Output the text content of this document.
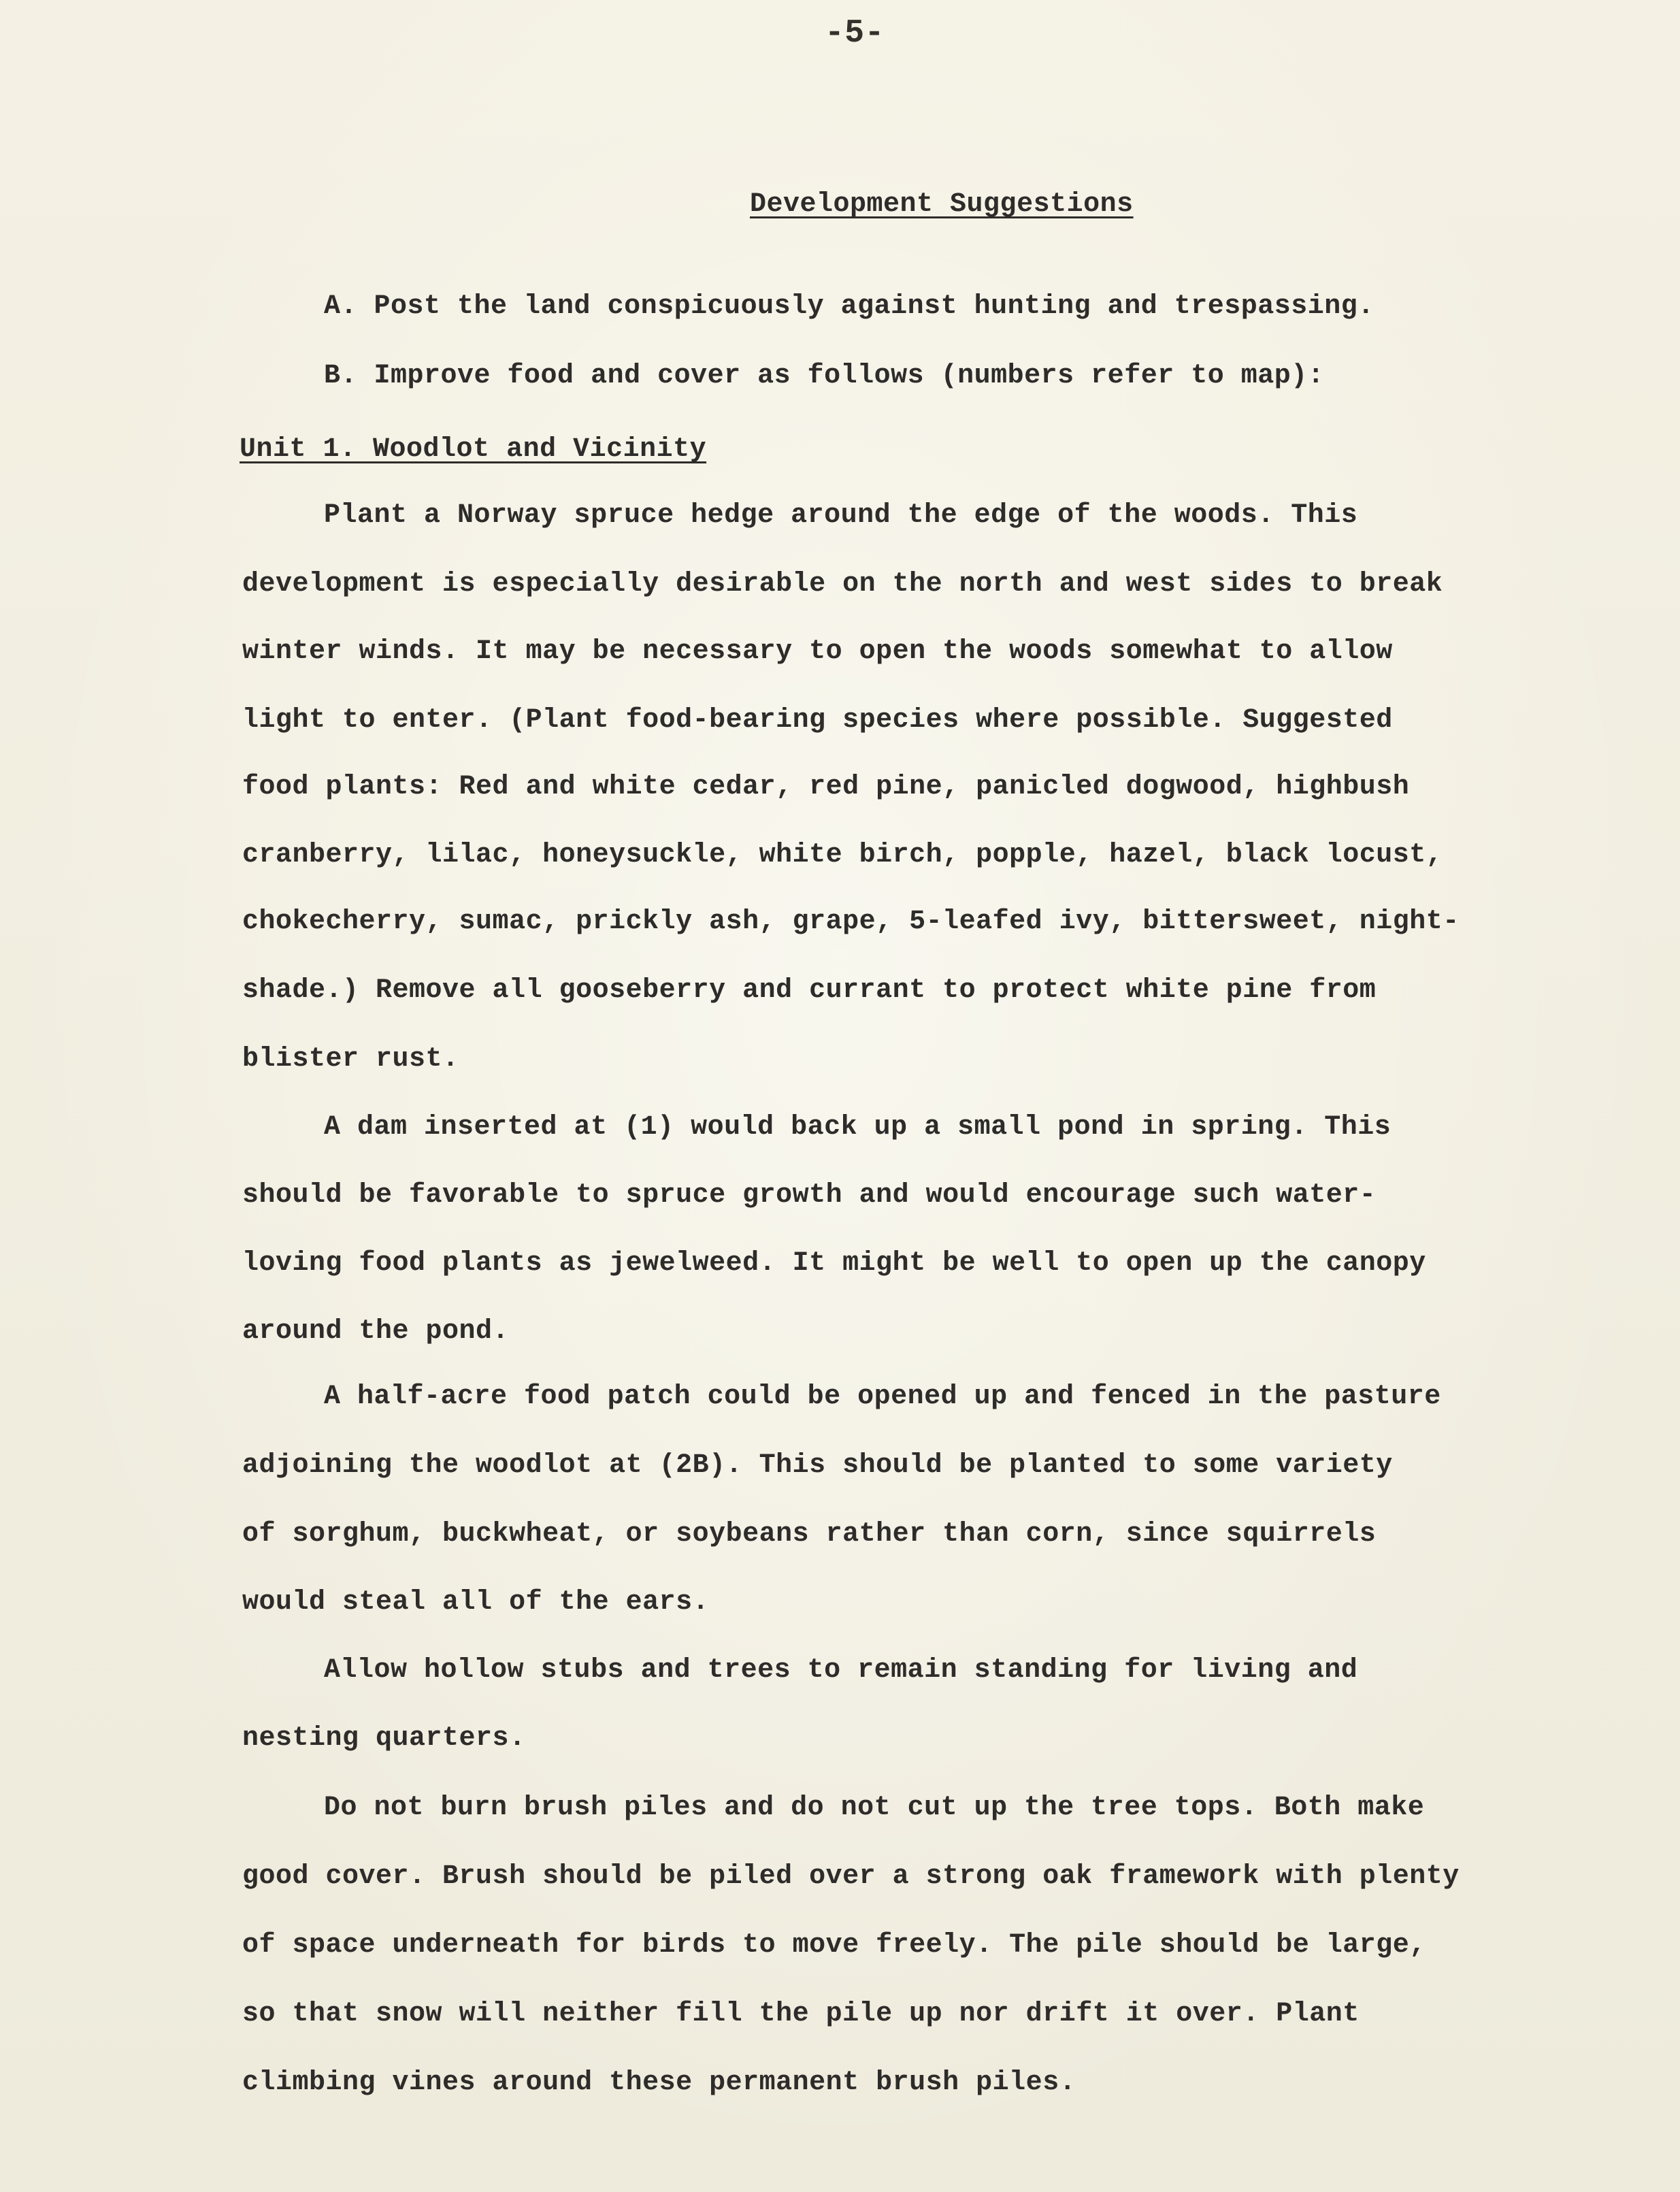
-5-
Development Suggestions
A. Post the land conspicuously against hunting and trespassing.
B. Improve food and cover as follows (numbers refer to map):
Unit 1. Woodlot and Vicinity
Plant a Norway spruce hedge around the edge of the woods. This
development is especially desirable on the north and west sides to break
winter winds. It may be necessary to open the woods somewhat to allow
light to enter. (Plant food-bearing species where possible. Suggested
food plants: Red and white cedar, red pine, panicled dogwood, highbush
cranberry, lilac, honeysuckle, white birch, popple, hazel, black locust,
chokecherry, sumac, prickly ash, grape, 5-leafed ivy, bittersweet, night-
shade.) Remove all gooseberry and currant to protect white pine from
blister rust.
A dam inserted at (1) would back up a small pond in spring. This
should be favorable to spruce growth and would encourage such water-
loving food plants as jewelweed. It might be well to open up the canopy
around the pond.
A half-acre food patch could be opened up and fenced in the pasture
adjoining the woodlot at (2B). This should be planted to some variety
of sorghum, buckwheat, or soybeans rather than corn, since squirrels
would steal all of the ears.
Allow hollow stubs and trees to remain standing for living and
nesting quarters.
Do not burn brush piles and do not cut up the tree tops. Both make
good cover. Brush should be piled over a strong oak framework with plenty
of space underneath for birds to move freely. The pile should be large,
so that snow will neither fill the pile up nor drift it over. Plant
climbing vines around these permanent brush piles.
